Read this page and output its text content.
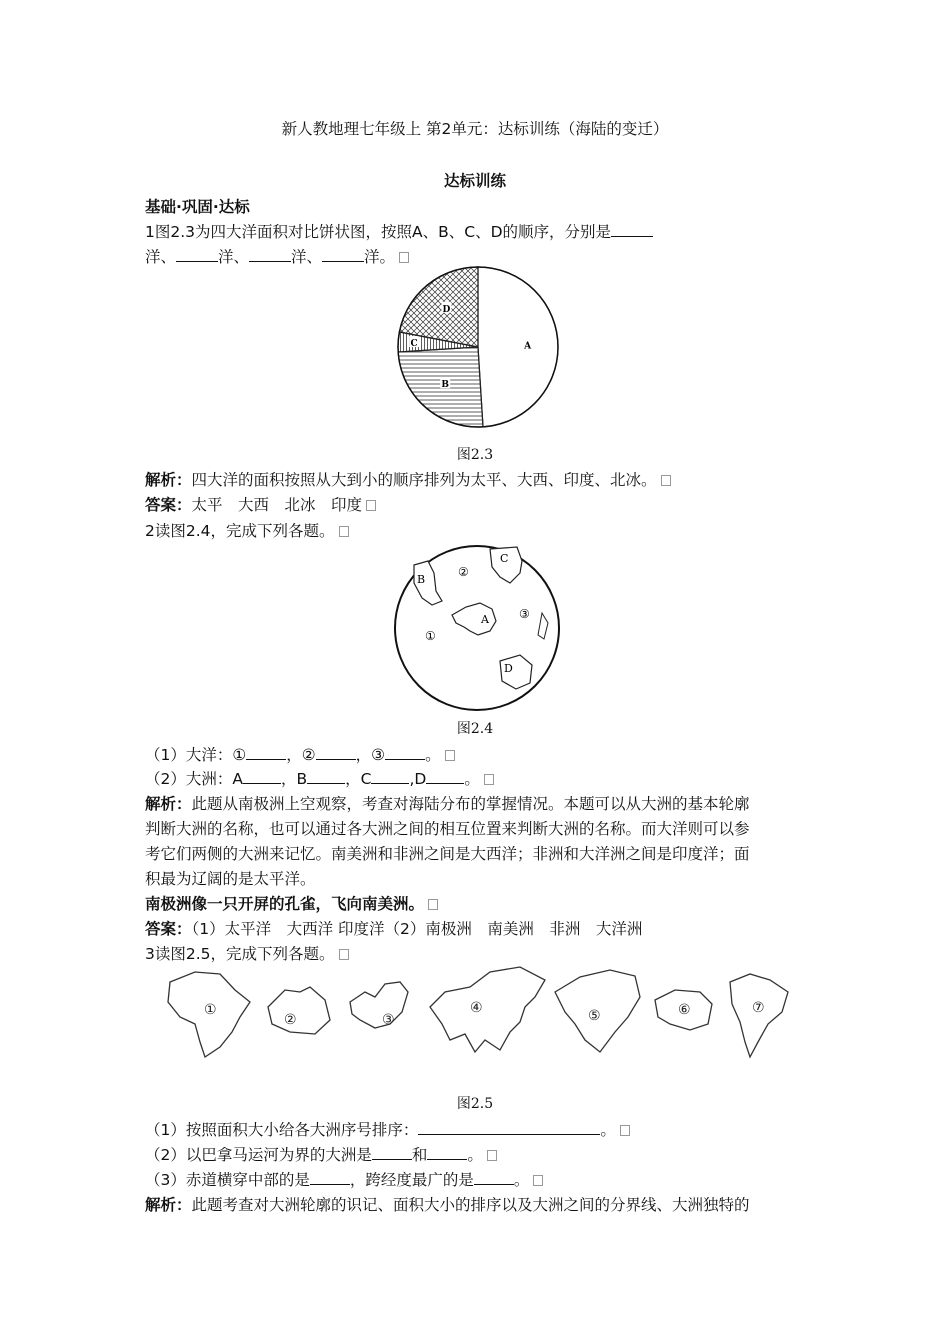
新人教地理七年级上 第2单元：达标训练（海陆的变迁）
达标训练
基础·巩固·达标
1图2.3为四大洋面积对比饼状图，按照A、B、C、D的顺序，分别是
洋、	洋、	洋、	洋。
A
B
C
D
图2.3
解析：四大洋的面积按照从大到小的顺序排列为太平、大西、印度、北冰。
答案：太平　大西　北冰　印度
2读图2.4，完成下列各题。
B
②
C
③
①
A
D
图2.4
（1）大洋：①	，②	，③	。
（2）大洲：A ，B ，C ,D 。
解析：此题从南极洲上空观察，考查对海陆分布的掌握情况。本题可以从大洲的基本轮廓
判断大洲的名称，也可以通过各大洲之间的相互位置来判断大洲的名称。而大洋则可以参
考它们两侧的大洲来记忆。南美洲和非洲之间是大西洋；非洲和大洋洲之间是印度洋；面
积最为辽阔的是太平洋。
南极洲像一只开屏的孔雀，飞向南美洲。
答案：（1）太平洋　大西洋 印度洋（2）南极洲　南美洲　非洲　大洋洲
3读图2.5，完成下列各题。
①
②	③
④	⑤	⑥	⑦
图2.5
（1）按照面积大小给各大洲序号排序：	。
（2）以巴拿马运河为界的大洲是	和	。
（3）赤道横穿中部的是	，跨经度最广的是	。
解析：此题考查对大洲轮廓的识记、面积大小的排序以及大洲之间的分界线、大洲独特的
